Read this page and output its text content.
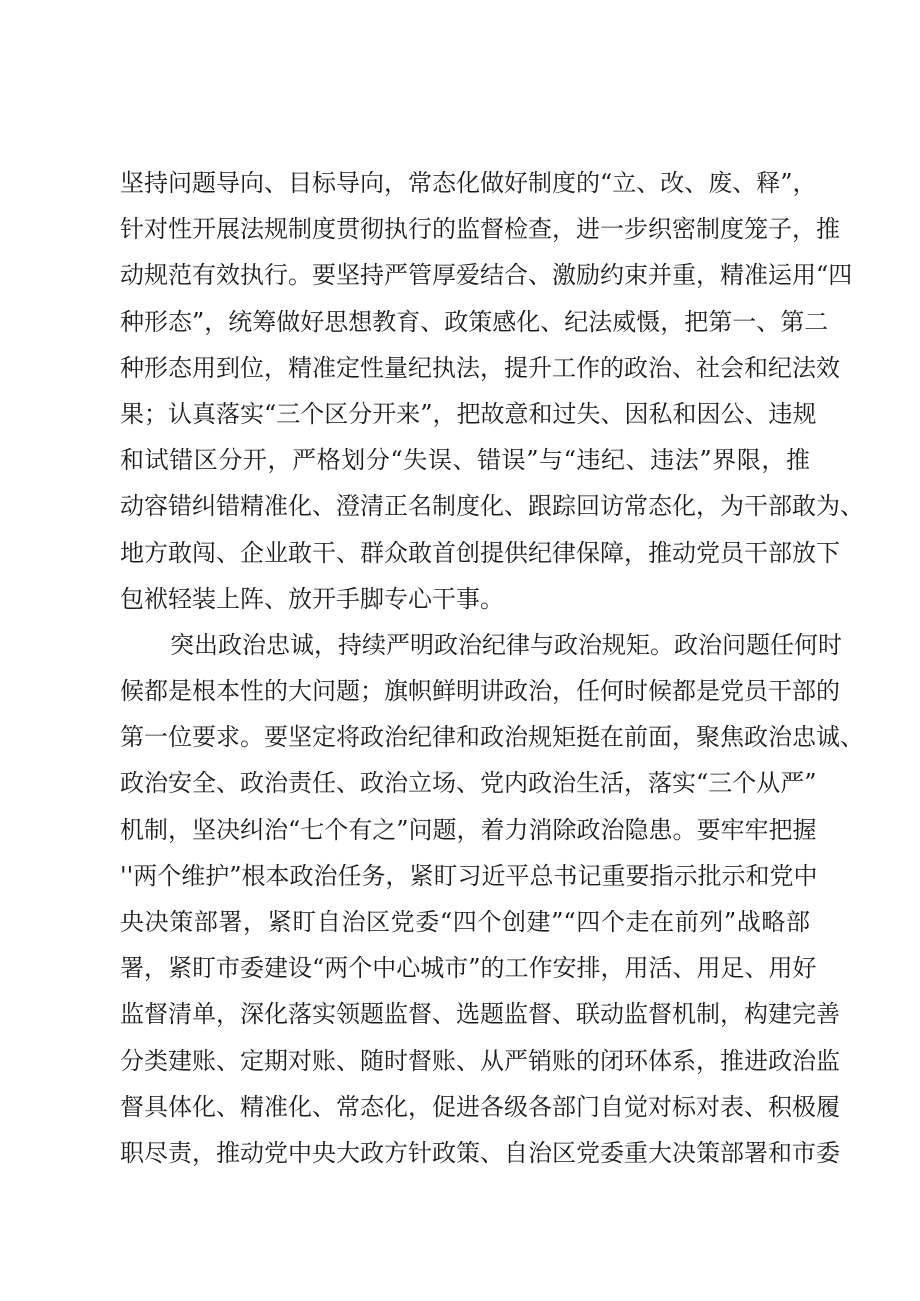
坚持问题导向、目标导向，常态化做好制度的“立、改、废、释”，
针对性开展法规制度贯彻执行的监督检查，进一步织密制度笼子，推
动规范有效执行。要坚持严管厚爱结合、激励约束并重，精准运用“四
种形态”，统筹做好思想教育、政策感化、纪法威慑，把第一、第二
种形态用到位，精准定性量纪执法，提升工作的政治、社会和纪法效
果；认真落实“三个区分开来”，把故意和过失、因私和因公、违规
和试错区分开，严格划分“失误、错误”与“违纪、违法”界限，推
动容错纠错精准化、澄清正名制度化、跟踪回访常态化，为干部敢为、
地方敢闯、企业敢干、群众敢首创提供纪律保障，推动党员干部放下
包袱轻装上阵、放开手脚专心干事。
突出政治忠诚，持续严明政治纪律与政治规矩。政治问题任何时
候都是根本性的大问题；旗帜鲜明讲政治，任何时候都是党员干部的
第一位要求。要坚定将政治纪律和政治规矩挺在前面，聚焦政治忠诚、
政治安全、政治责任、政治立场、党内政治生活，落实“三个从严”
机制，坚决纠治“七个有之”问题，着力消除政治隐患。要牢牢把握
''两个维护”根本政治任务，紧盯习近平总书记重要指示批示和党中
央决策部署，紧盯自治区党委“四个创建”“四个走在前列”战略部
署，紧盯市委建设“两个中心城市”的工作安排，用活、用足、用好
监督清单，深化落实领题监督、选题监督、联动监督机制，构建完善
分类建账、定期对账、随时督账、从严销账的闭环体系，推进政治监
督具体化、精准化、常态化，促进各级各部门自觉对标对表、积极履
职尽责，推动党中央大政方针政策、自治区党委重大决策部署和市委
